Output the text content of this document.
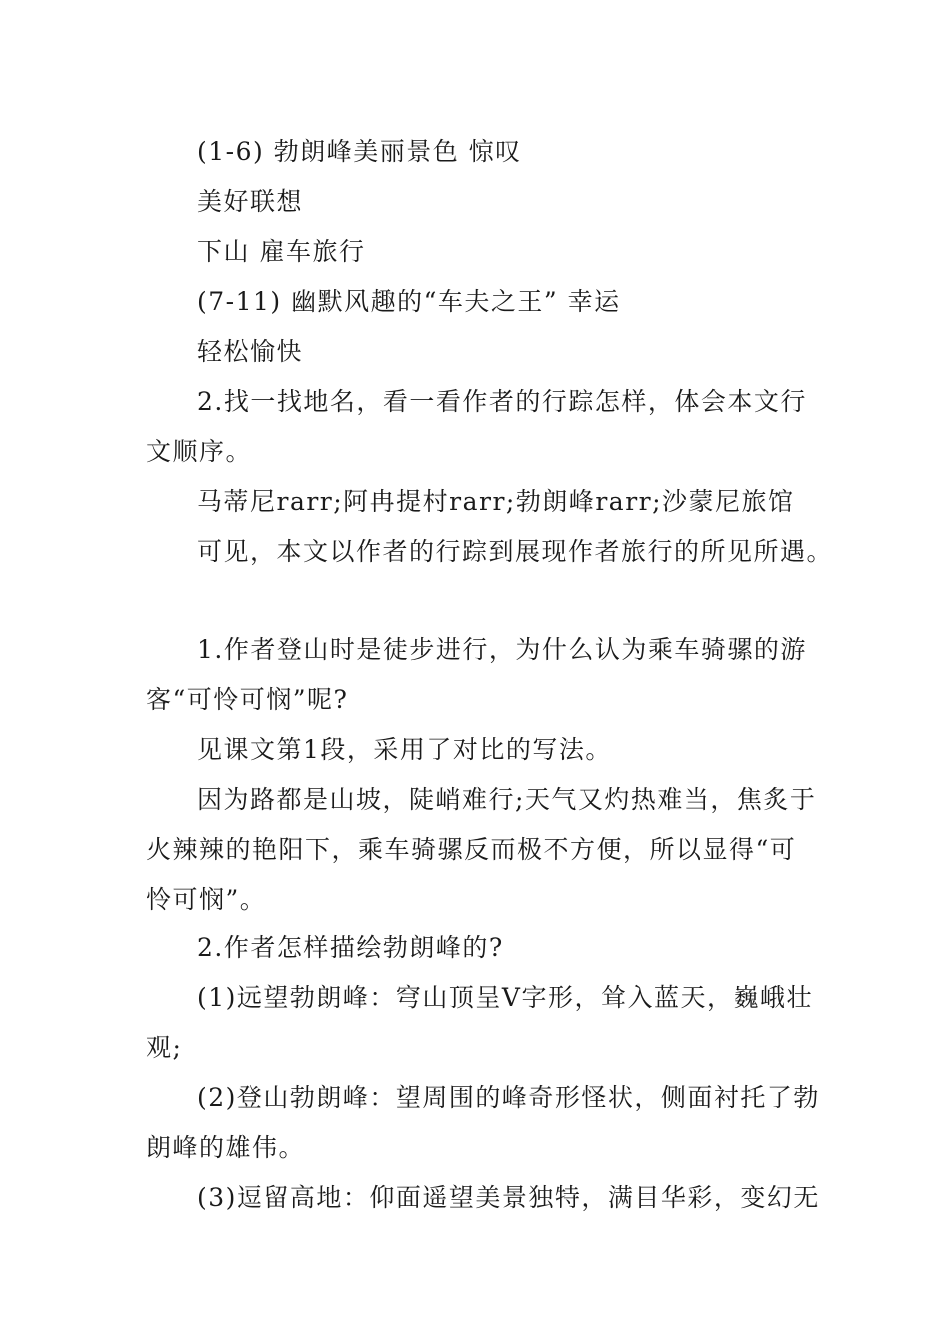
(1-6) 勃朗峰美丽景色 惊叹
美好联想
下山 雇车旅行
(7-11) 幽默风趣的“车夫之王” 幸运
轻松愉快
2.找一找地名，看一看作者的行踪怎样，体会本文行
文顺序。
马蒂尼rarr;阿冉提村rarr;勃朗峰rarr;沙蒙尼旅馆
可见，本文以作者的行踪到展现作者旅行的所见所遇。
1.作者登山时是徒步进行，为什么认为乘车骑骡的游
客“可怜可悯”呢?
见课文第1段，采用了对比的写法。
因为路都是山坡，陡峭难行;天气又灼热难当，焦炙于
火辣辣的艳阳下，乘车骑骡反而极不方便，所以显得“可
怜可悯”。
2.作者怎样描绘勃朗峰的?
(1)远望勃朗峰：穹山顶呈V字形，耸入蓝天，巍峨壮
观;
(2)登山勃朗峰：望周围的峰奇形怪状，侧面衬托了勃
朗峰的雄伟。
(3)逗留高地：仰面遥望美景独特，满目华彩，变幻无
